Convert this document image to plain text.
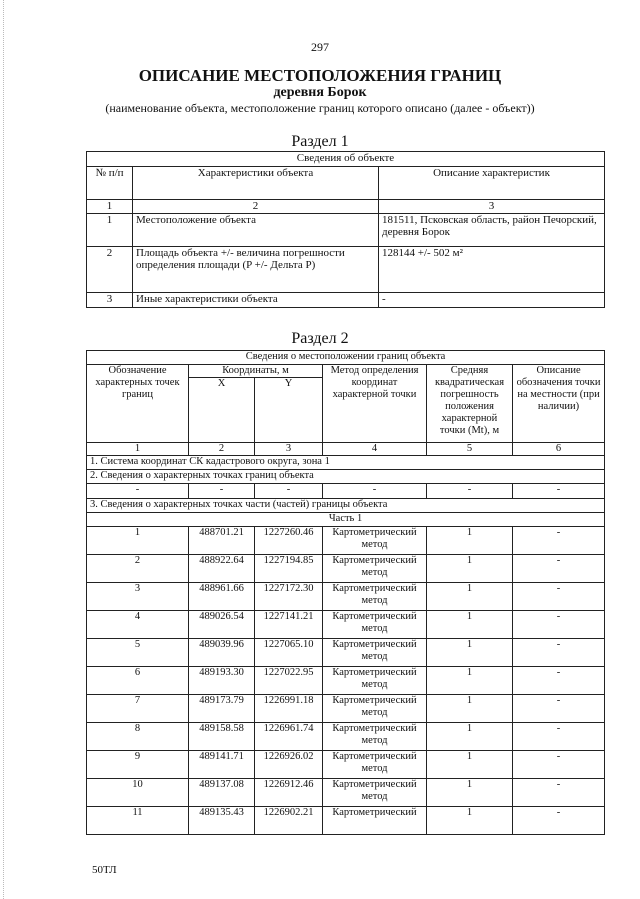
297
ОПИСАНИЕ МЕСТОПОЛОЖЕНИЯ ГРАНИЦ
деревня Борок
(наименование объекта, местоположение границ которого описано (далее - объект))
Раздел 1
Сведения об объекте		
№ п/п	Характеристики объекта	Описание характеристик
1	2	3
1	Местоположение объекта	181511, Псковская область, район Печорский, деревня Борок
2	Площадь объекта +/- величина погрешности определения площади (P +/- Дельта P)	128144 +/- 502 м²
3	Иные характеристики объекта	-
Раздел 2
Сведения о местоположении границ объекта					
Обозначение характерных точек границ	Координаты, м		Метод определения координат характерной точки	Средняя квадратическая погрешность положения характерной точки (Mt), м	Описание обозначения точки на местности (при наличии)
	X	Y			
1	2	3	4	5	6
1. Система координат СК кадастрового округа, зона 1					
2. Сведения о характерных точках границ объекта					
-	-	-	-	-	-
3. Сведения о характерных точках части (частей) границы объекта					
Часть 1					
1	488701.21	1227260.46	Картометрический метод	1	-
2	488922.64	1227194.85	Картометрический метод	1	-
3	488961.66	1227172.30	Картометрический метод	1	-
4	489026.54	1227141.21	Картометрический метод	1	-
5	489039.96	1227065.10	Картометрический метод	1	-
6	489193.30	1227022.95	Картометрический метод	1	-
7	489173.79	1226991.18	Картометрический метод	1	-
8	489158.58	1226961.74	Картометрический метод	1	-
9	489141.71	1226926.02	Картометрический метод	1	-
10	489137.08	1226912.46	Картометрический метод	1	-
11	489135.43	1226902.21	Картометрический	1	-
50ТЛ
